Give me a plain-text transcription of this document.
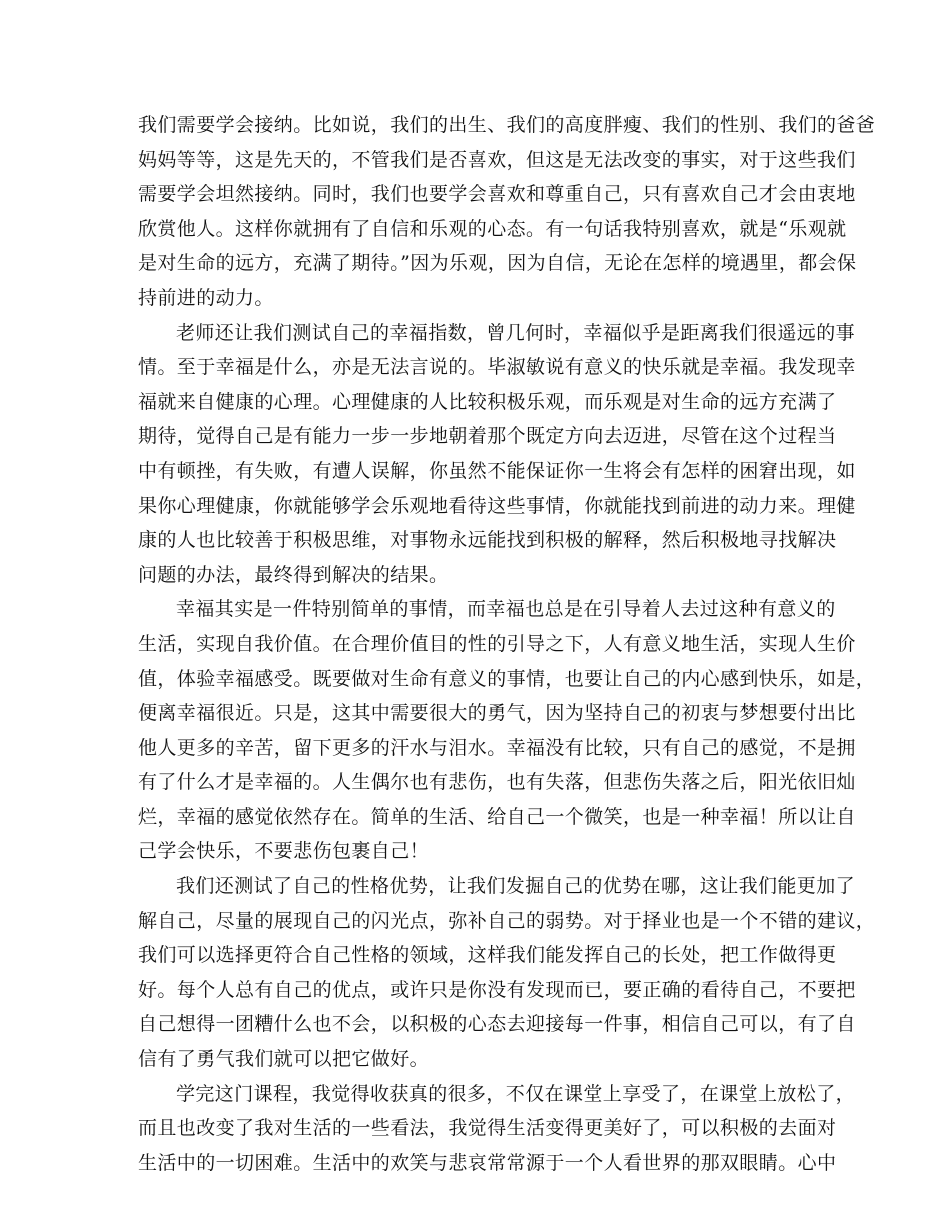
我们需要学会接纳。比如说，我们的出生、我们的高度胖瘦、我们的性别、我们的爸爸
妈妈等等，这是先天的，不管我们是否喜欢，但这是无法改变的事实，对于这些我们
需要学会坦然接纳。同时，我们也要学会喜欢和尊重自己，只有喜欢自己才会由衷地
欣赏他人。这样你就拥有了自信和乐观的心态。有一句话我特别喜欢，就是“乐观就
是对生命的远方，充满了期待。”因为乐观，因为自信，无论在怎样的境遇里，都会保
持前进的动力。
老师还让我们测试自己的幸福指数，曾几何时，幸福似乎是距离我们很遥远的事
情。至于幸福是什么，亦是无法言说的。毕淑敏说有意义的快乐就是幸福。我发现幸
福就来自健康的心理。心理健康的人比较积极乐观，而乐观是对生命的远方充满了
期待，觉得自己是有能力一步一步地朝着那个既定方向去迈进，尽管在这个过程当
中有顿挫，有失败，有遭人误解，你虽然不能保证你一生将会有怎样的困窘出现，如
果你心理健康，你就能够学会乐观地看待这些事情，你就能找到前进的动力来。理健
康的人也比较善于积极思维，对事物永远能找到积极的解释，然后积极地寻找解决
问题的办法，最终得到解决的结果。
幸福其实是一件特别简单的事情，而幸福也总是在引导着人去过这种有意义的
生活，实现自我价值。在合理价值目的性的引导之下，人有意义地生活，实现人生价
值，体验幸福感受。既要做对生命有意义的事情，也要让自己的内心感到快乐，如是，
便离幸福很近。只是，这其中需要很大的勇气，因为坚持自己的初衷与梦想要付出比
他人更多的辛苦，留下更多的汗水与泪水。幸福没有比较，只有自己的感觉，不是拥
有了什么才是幸福的。人生偶尔也有悲伤，也有失落，但悲伤失落之后，阳光依旧灿
烂，幸福的感觉依然存在。简单的生活、给自己一个微笑，也是一种幸福！所以让自
己学会快乐，不要悲伤包裹自己！
我们还测试了自己的性格优势，让我们发掘自己的优势在哪，这让我们能更加了
解自己，尽量的展现自己的闪光点，弥补自己的弱势。对于择业也是一个不错的建议，
我们可以选择更符合自己性格的领域，这样我们能发挥自己的长处，把工作做得更
好。每个人总有自己的优点，或许只是你没有发现而已，要正确的看待自己，不要把
自己想得一团糟什么也不会，以积极的心态去迎接每一件事，相信自己可以，有了自
信有了勇气我们就可以把它做好。
学完这门课程，我觉得收获真的很多，不仅在课堂上享受了，在课堂上放松了，
而且也改变了我对生活的一些看法，我觉得生活变得更美好了，可以积极的去面对
生活中的一切困难。生活中的欢笑与悲哀常常源于一个人看世界的那双眼睛。心中
